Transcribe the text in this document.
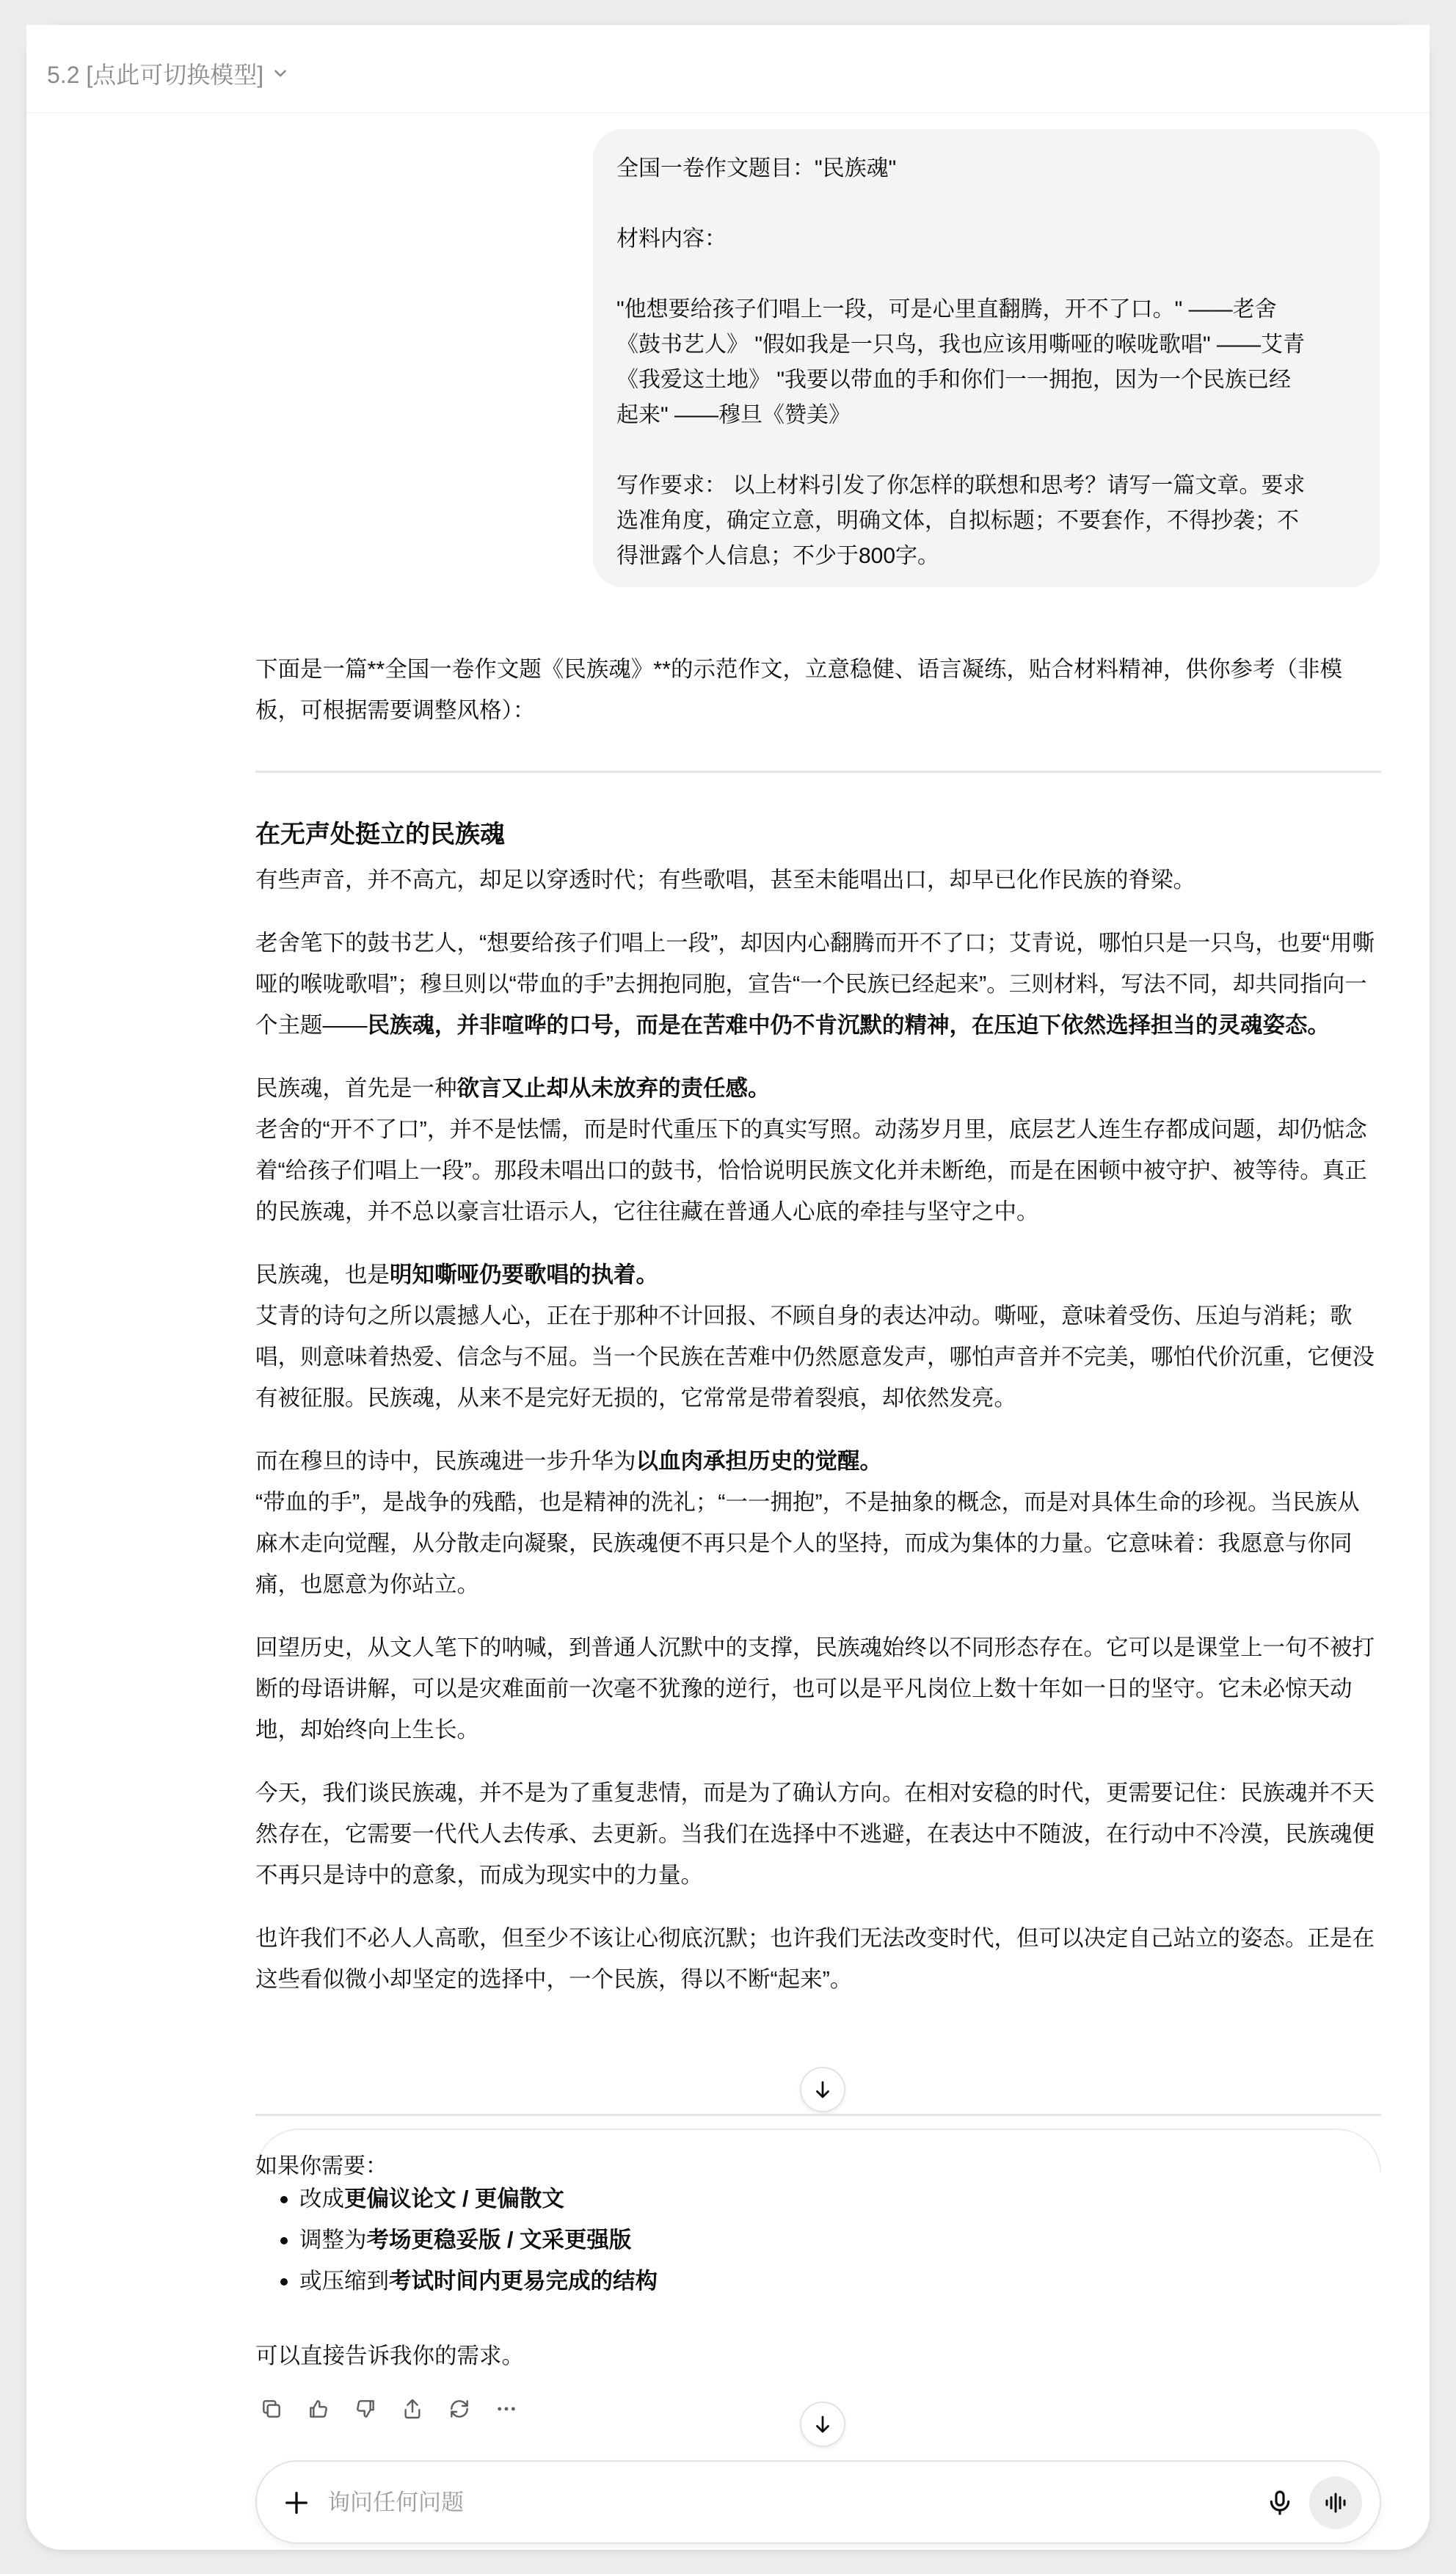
5.2 [点此可切换模型]
全国一卷作文题目："民族魂"
材料内容：
"他想要给孩子们唱上一段，可是心里直翻腾，开不了口。" ——老舍
《鼓书艺人》 "假如我是一只鸟，我也应该用嘶哑的喉咙歌唱" ——艾青
《我爱这土地》 "我要以带血的手和你们一一拥抱，因为一个民族已经
起来" ——穆旦《赞美》
写作要求： 以上材料引发了你怎样的联想和思考？请写一篇文章。要求
选准角度，确定立意，明确文体，自拟标题；不要套作，不得抄袭；不
得泄露个人信息；不少于800字。
下面是一篇**全国一卷作文题《民族魂》**的示范作文，立意稳健、语言凝练，贴合材料精神，供你参考（非模板，可根据需要调整风格）：
在无声处挺立的民族魂
有些声音，并不高亢，却足以穿透时代；有些歌唱，甚至未能唱出口，却早已化作民族的脊梁。
老舍笔下的鼓书艺人，“想要给孩子们唱上一段”，却因内心翻腾而开不了口；艾青说，哪怕只是一只鸟，也要“用嘶哑的喉咙歌唱”；穆旦则以“带血的手”去拥抱同胞，宣告“一个民族已经起来”。三则材料，写法不同，却共同指向一个主题——民族魂，并非喧哗的口号，而是在苦难中仍不肯沉默的精神，在压迫下依然选择担当的灵魂姿态。
民族魂，首先是一种欲言又止却从未放弃的责任感。
老舍的“开不了口”，并不是怯懦，而是时代重压下的真实写照。动荡岁月里，底层艺人连生存都成问题，却仍惦念着“给孩子们唱上一段”。那段未唱出口的鼓书，恰恰说明民族文化并未断绝，而是在困顿中被守护、被等待。真正的民族魂，并不总以豪言壮语示人，它往往藏在普通人心底的牵挂与坚守之中。
民族魂，也是明知嘶哑仍要歌唱的执着。
艾青的诗句之所以震撼人心，正在于那种不计回报、不顾自身的表达冲动。嘶哑，意味着受伤、压迫与消耗；歌唱，则意味着热爱、信念与不屈。当一个民族在苦难中仍然愿意发声，哪怕声音并不完美，哪怕代价沉重，它便没有被征服。民族魂，从来不是完好无损的，它常常是带着裂痕，却依然发亮。
而在穆旦的诗中，民族魂进一步升华为以血肉承担历史的觉醒。
“带血的手”，是战争的残酷，也是精神的洗礼；“一一拥抱”，不是抽象的概念，而是对具体生命的珍视。当民族从麻木走向觉醒，从分散走向凝聚，民族魂便不再只是个人的坚持，而成为集体的力量。它意味着：我愿意与你同痛，也愿意为你站立。
回望历史，从文人笔下的呐喊，到普通人沉默中的支撑，民族魂始终以不同形态存在。它可以是课堂上一句不被打断的母语讲解，可以是灾难面前一次毫不犹豫的逆行，也可以是平凡岗位上数十年如一日的坚守。它未必惊天动地，却始终向上生长。
今天，我们谈民族魂，并不是为了重复悲情，而是为了确认方向。在相对安稳的时代，更需要记住：民族魂并不天然存在，它需要一代代人去传承、去更新。当我们在选择中不逃避，在表达中不随波，在行动中不冷漠，民族魂便不再只是诗中的意象，而成为现实中的力量。
也许我们不必人人高歌，但至少不该让心彻底沉默；也许我们无法改变时代，但可以决定自己站立的姿态。正是在这些看似微小却坚定的选择中，一个民族，得以不断“起来”。
如果你需要：
改成更偏议论文 / 更偏散文
调整为考场更稳妥版 / 文采更强版
或压缩到考试时间内更易完成的结构
可以直接告诉我你的需求。
询问任何问题
